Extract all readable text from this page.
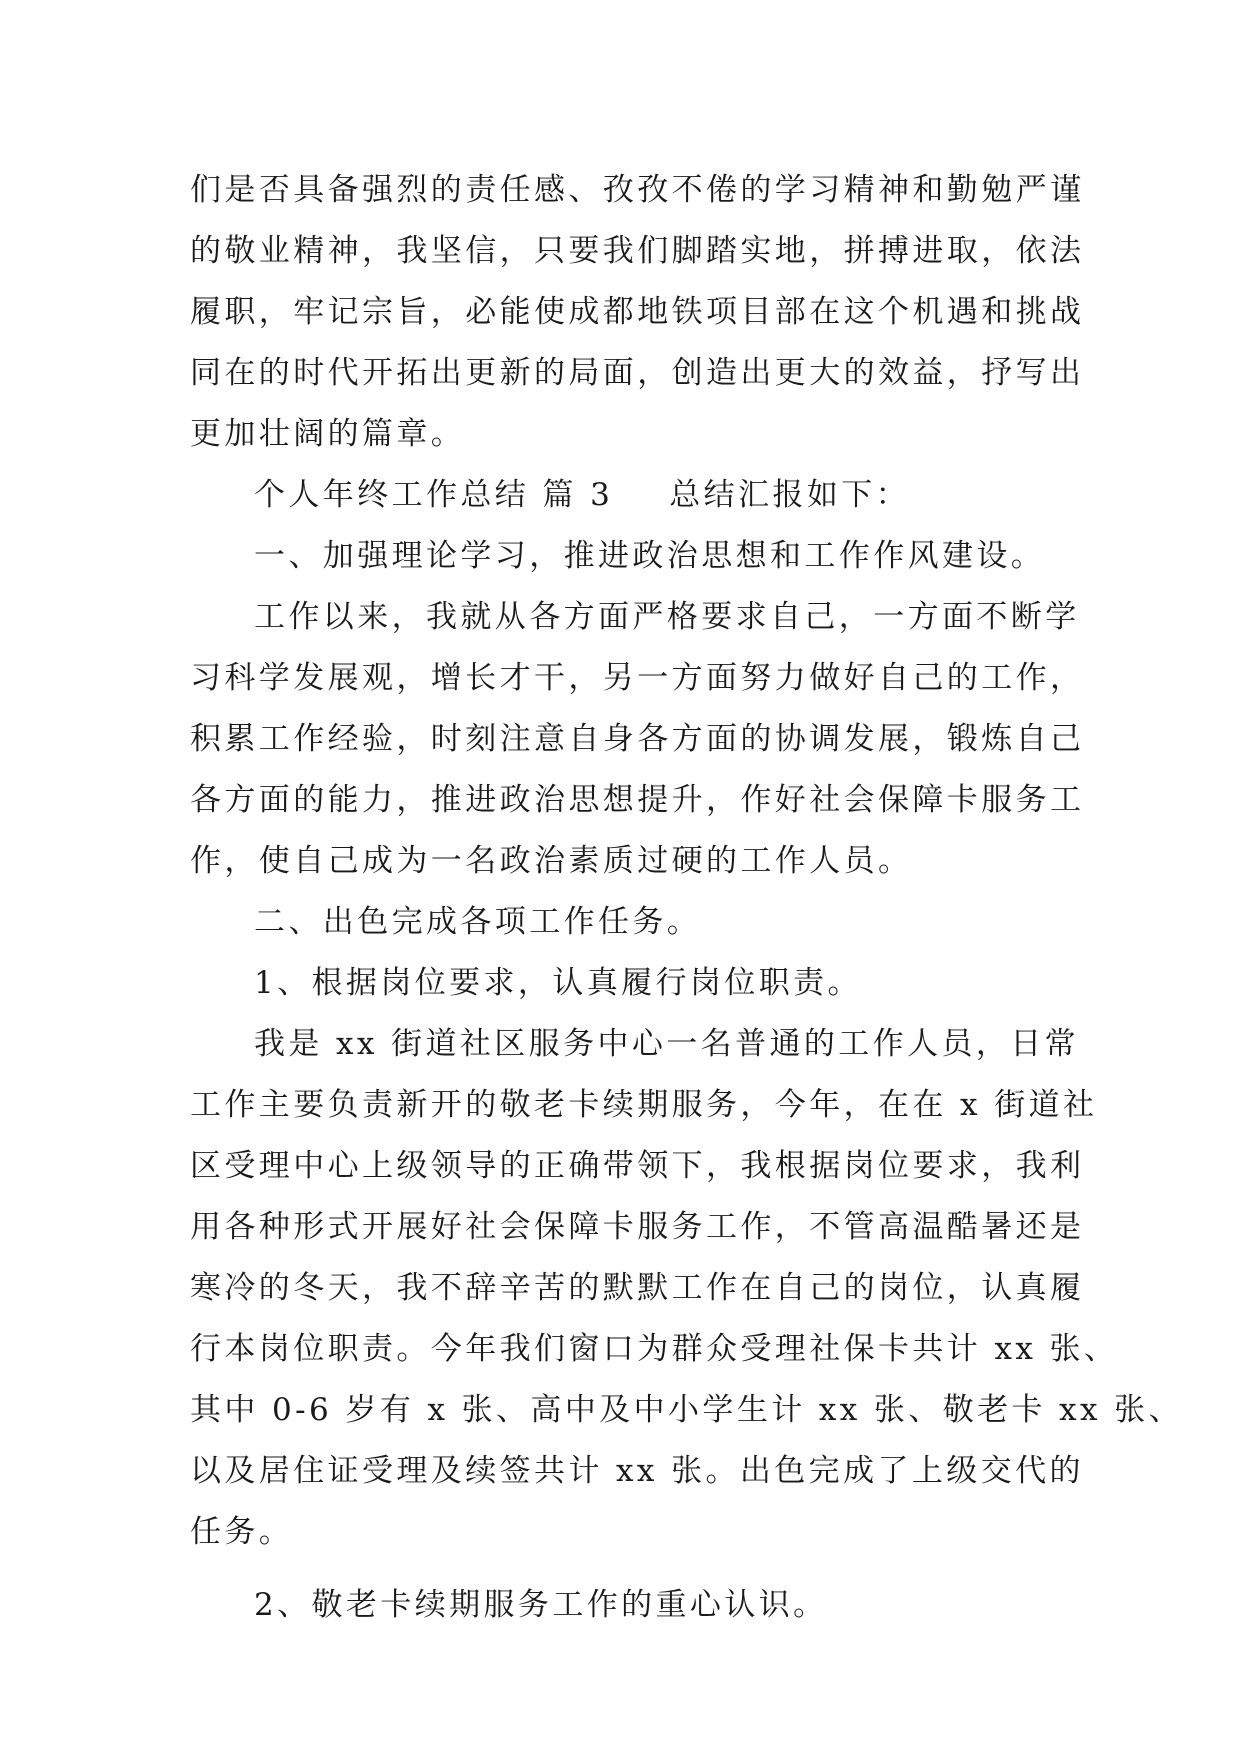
们是否具备强烈的责任感、孜孜不倦的学习精神和勤勉严谨

的敬业精神，我坚信，只要我们脚踏实地，拼搏进取，依法

履职，牢记宗旨，必能使成都地铁项目部在这个机遇和挑战

同在的时代开拓出更新的局面，创造出更大的效益，抒写出

更加壮阔的篇章。

个人年终工作总结 篇 3 总结汇报如下：

一、加强理论学习，推进政治思想和工作作风建设。

工作以来，我就从各方面严格要求自己，一方面不断学

习科学发展观，增长才干，另一方面努力做好自己的工作，

积累工作经验，时刻注意自身各方面的协调发展，锻炼自己

各方面的能力，推进政治思想提升，作好社会保障卡服务工

作，使自己成为一名政治素质过硬的工作人员。

二、出色完成各项工作任务。

1、根据岗位要求，认真履行岗位职责。

我是 xx 街道社区服务中心一名普通的工作人员，日常

工作主要负责新开的敬老卡续期服务，今年，在在 x 街道社

区受理中心上级领导的正确带领下，我根据岗位要求，我利

用各种形式开展好社会保障卡服务工作，不管高温酷暑还是

寒冷的冬天，我不辞辛苦的默默工作在自己的岗位，认真履

行本岗位职责。今年我们窗口为群众受理社保卡共计 xx 张、

其中 0-6 岁有 x 张、高中及中小学生计 xx 张、敬老卡 xx 张、

以及居住证受理及续签共计 xx 张。出色完成了上级交代的

任务。

2、敬老卡续期服务工作的重心认识。
